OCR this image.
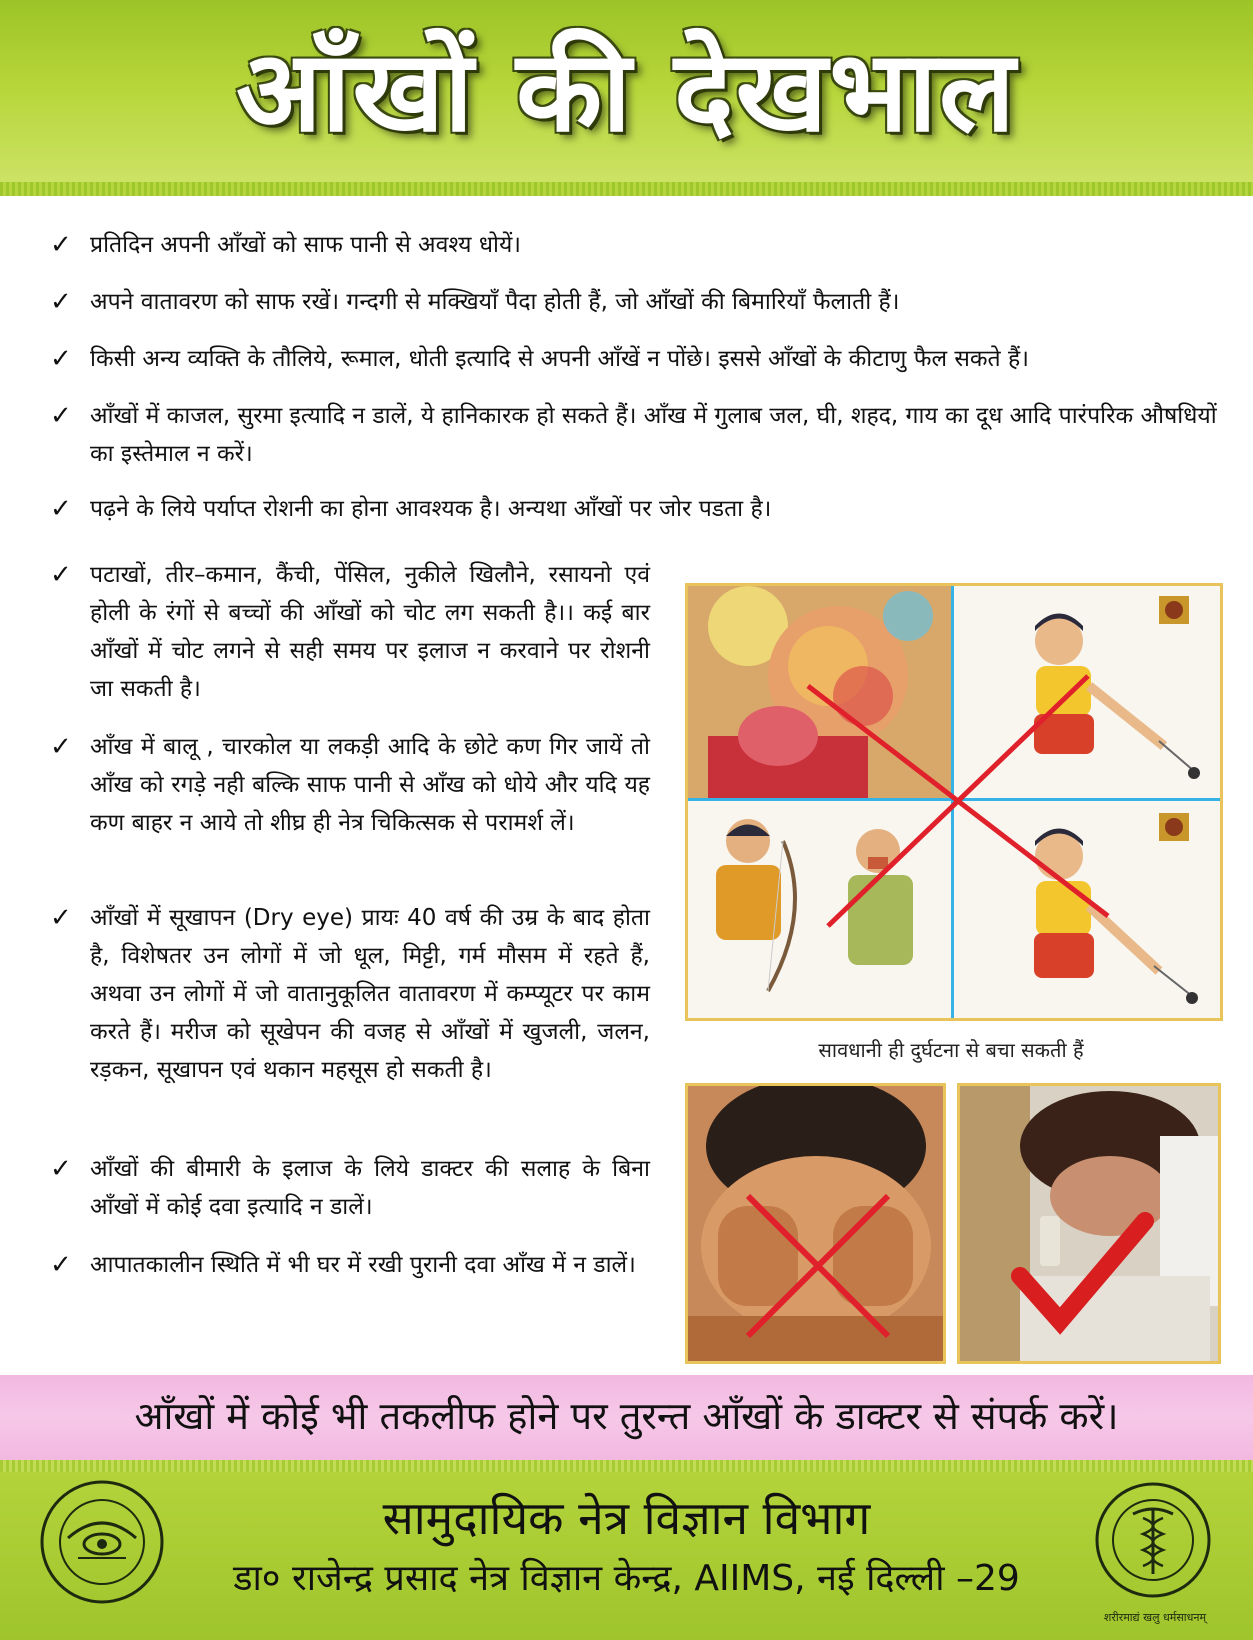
आँखों की देखभाल
✓ प्रतिदिन अपनी आँखों को साफ पानी से अवश्य धोयें।
✓ अपने वातावरण को साफ रखें। गन्दगी से मक्खियाँ पैदा होती हैं, जो आँखों की बिमारियाँ फैलाती हैं।
✓ किसी अन्य व्यक्ति के तौलिये, रूमाल, धोती इत्यादि से अपनी आँखें न पोंछे। इससे आँखों के कीटाणु फैल सकते हैं।
✓ आँखों में काजल, सुरमा इत्यादि न डालें, ये हानिकारक हो सकते हैं। आँख में गुलाब जल, घी, शहद, गाय का दूध आदि पारंपरिक औषधियों का इस्तेमाल न करें।
✓ पढ़ने के लिये पर्याप्त रोशनी का होना आवश्यक है। अन्यथा आँखों पर जोर पडता है।
✓ पटाखों, तीर–कमान, कैंची, पेंसिल, नुकीले खिलौने, रसायनो एवं होली के रंगों से बच्चों की आँखों को चोट लग सकती है।। कई बार आँखों में चोट लगने से सही समय पर इलाज न करवाने पर रोशनी जा सकती है।
✓ आँख में बालू , चारकोल या लकड़ी आदि के छोटे कण गिर जायें तो आँख को रगड़े नही बल्कि साफ पानी से आँख को धोये और यदि यह कण बाहर न आये तो शीघ्र ही नेत्र चिकित्सक से परामर्श लें।
✓ आँखों में सूखापन (Dry eye) प्रायः 40 वर्ष की उम्र के बाद होता है, विशेषतर उन लोगों में जो धूल, मिट्टी, गर्म मौसम में रहते हैं, अथवा उन लोगों में जो वातानुकूलित वातावरण में कम्प्यूटर पर काम करते हैं। मरीज को सूखेपन की वजह से आँखों में खुजली, जलन, रड़कन, सूखापन एवं थकान महसूस हो सकती है।
✓ आँखों की बीमारी के इलाज के लिये डाक्टर की सलाह के बिना आँखों में कोई दवा इत्यादि न डालें।
✓ आपातकालीन स्थिति में भी घर में रखी पुरानी दवा आँख में न डालें।
सावधानी ही दुर्घटना से बचा सकती हैं
आँखों में कोई भी तकलीफ होने पर तुरन्त आँखों के डाक्टर से संपर्क करें।
सामुदायिक नेत्र विज्ञान विभाग
डा० राजेन्द्र प्रसाद नेत्र विज्ञान केन्द्र, AIIMS, नई दिल्ली –29
शरीरमाद्यं खलु धर्मसाधनम्
